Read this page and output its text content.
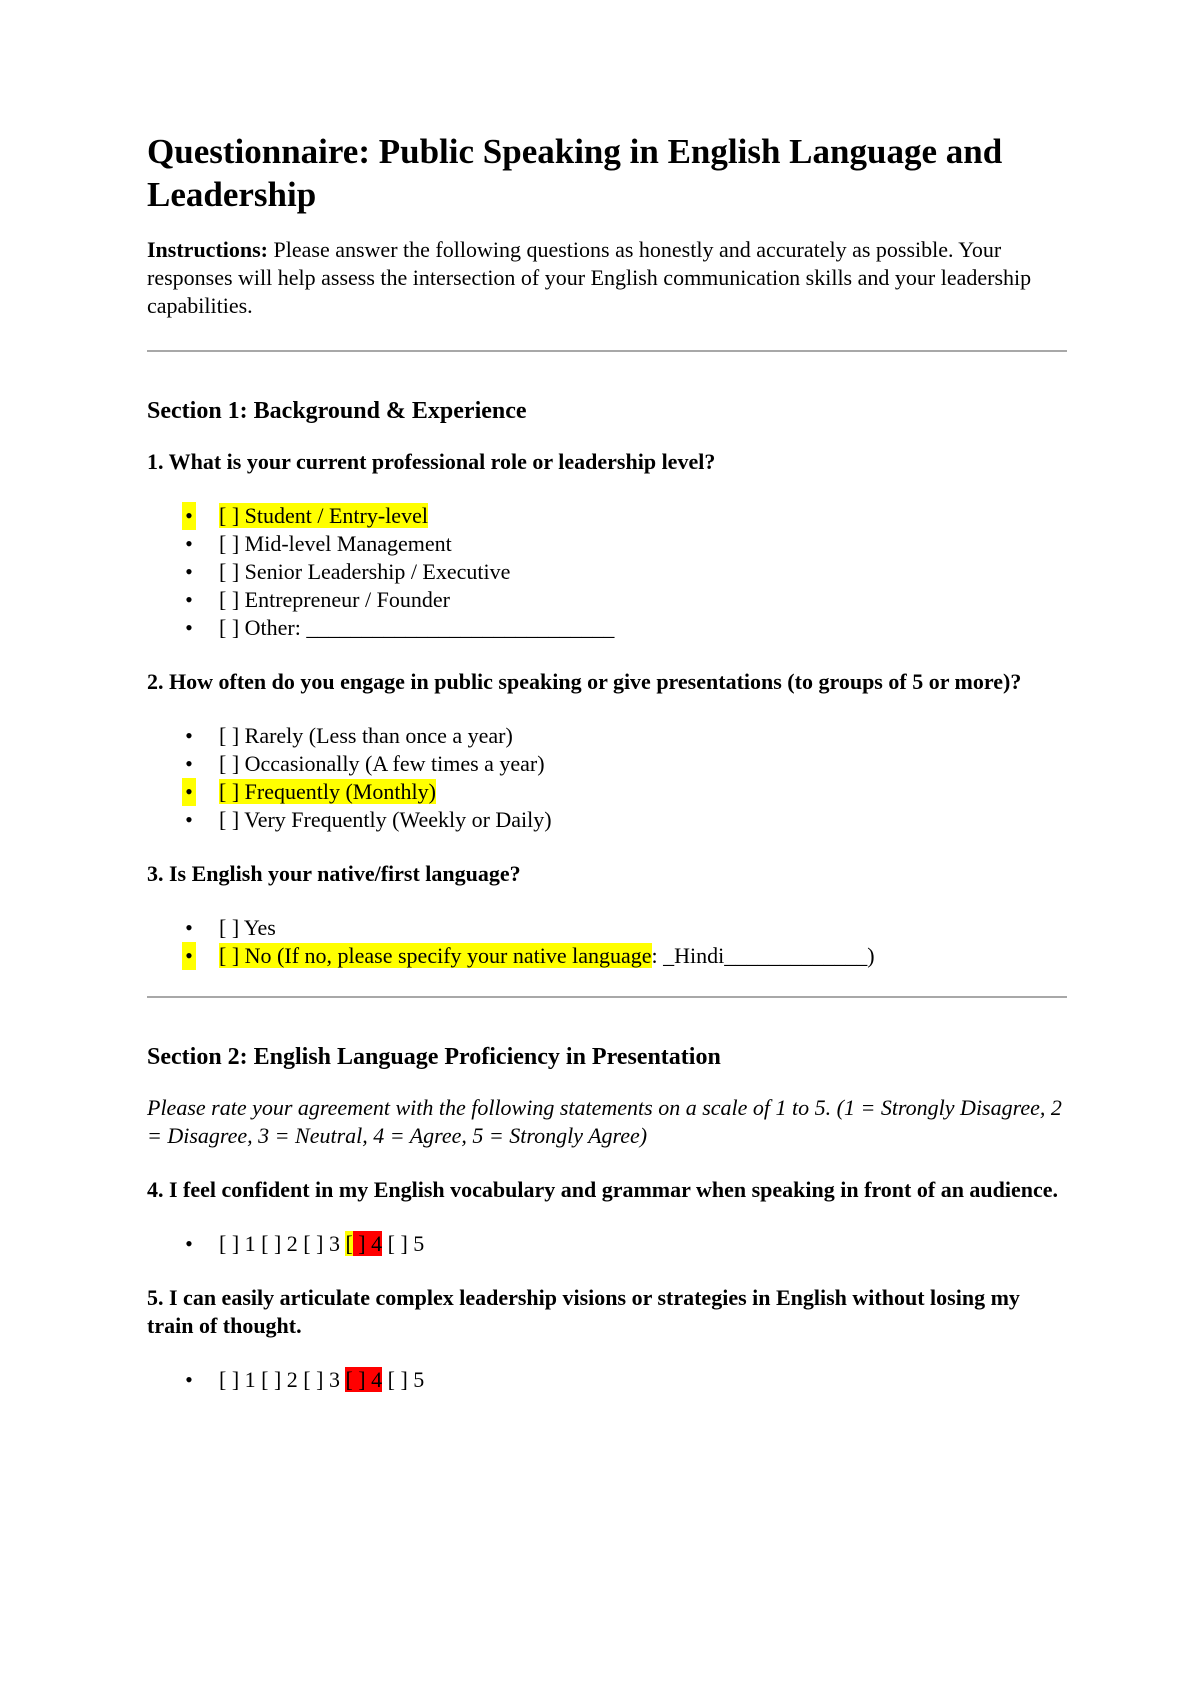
Questionnaire: Public Speaking in English Language and Leadership

Instructions: Please answer the following questions as honestly and accurately as possible. Your responses will help assess the intersection of your English communication skills and your leadership capabilities.

Section 1: Background & Experience

1. What is your current professional role or leadership level?

• [ ] Student / Entry-level
• [ ] Mid-level Management
• [ ] Senior Leadership / Executive
• [ ] Entrepreneur / Founder
• [ ] Other: ____________________________

2. How often do you engage in public speaking or give presentations (to groups of 5 or more)?

• [ ] Rarely (Less than once a year)
• [ ] Occasionally (A few times a year)
• [ ] Frequently (Monthly)
• [ ] Very Frequently (Weekly or Daily)

3. Is English your native/first language?

• [ ] Yes
• [ ] No (If no, please specify your native language: _Hindi_____________)
Section 2: English Language Proficiency in Presentation

Please rate your agreement with the following statements on a scale of 1 to 5. (1 = Strongly Disagree, 2 = Disagree, 3 = Neutral, 4 = Agree, 5 = Strongly Agree)

4. I feel confident in my English vocabulary and grammar when speaking in front of an audience.

• [ ] 1 [ ] 2 [ ] 3 [ ] 4 [ ] 5

5. I can easily articulate complex leadership visions or strategies in English without losing my train of thought.

• [ ] 1 [ ] 2 [ ] 3 [ ] 4 [ ] 5
